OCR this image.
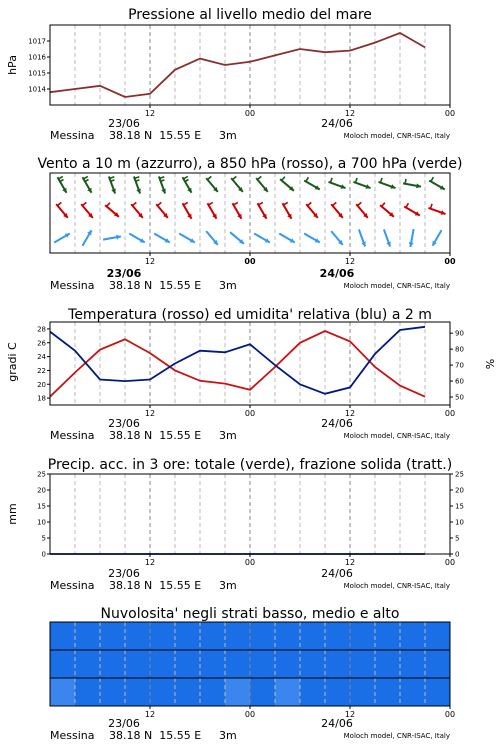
Pressione al livello medio del mare
1014
1015
1016
1017
hPa
12	00	12	00
23/06	24/06
Messina 38.18 N  15.55 E 3m	Moloch model, CNR-ISAC, Italy
Vento a 10 m (azzurro), a 850 hPa (rosso), a 700 hPa (verde)
12	00	12	00
23/06	24/06
Messina 38.18 N  15.55 E 3m	Moloch model, CNR-ISAC, Italy
Temperatura (rosso) ed umidita' relativa (blu) a 2 m
18
20
22
24
26
28
50
60
70
80
90
gradi C	%
12	00	12	00
23/06	24/06
Messina 38.18 N  15.55 E 3m	Moloch model, CNR-ISAC, Italy
Precip. acc. in 3 ore: totale (verde), frazione solida (tratt.)
0
5
10
15
20
25
0
5
10
15
20
25
mm
12	00	12	00
23/06	24/06
Messina 38.18 N  15.55 E 3m	Moloch model, CNR-ISAC, Italy
Nuvolosita' negli strati basso, medio e alto
12	00	12	00
23/06	24/06
Messina 38.18 N  15.55 E 3m	Moloch model, CNR-ISAC, Italy
